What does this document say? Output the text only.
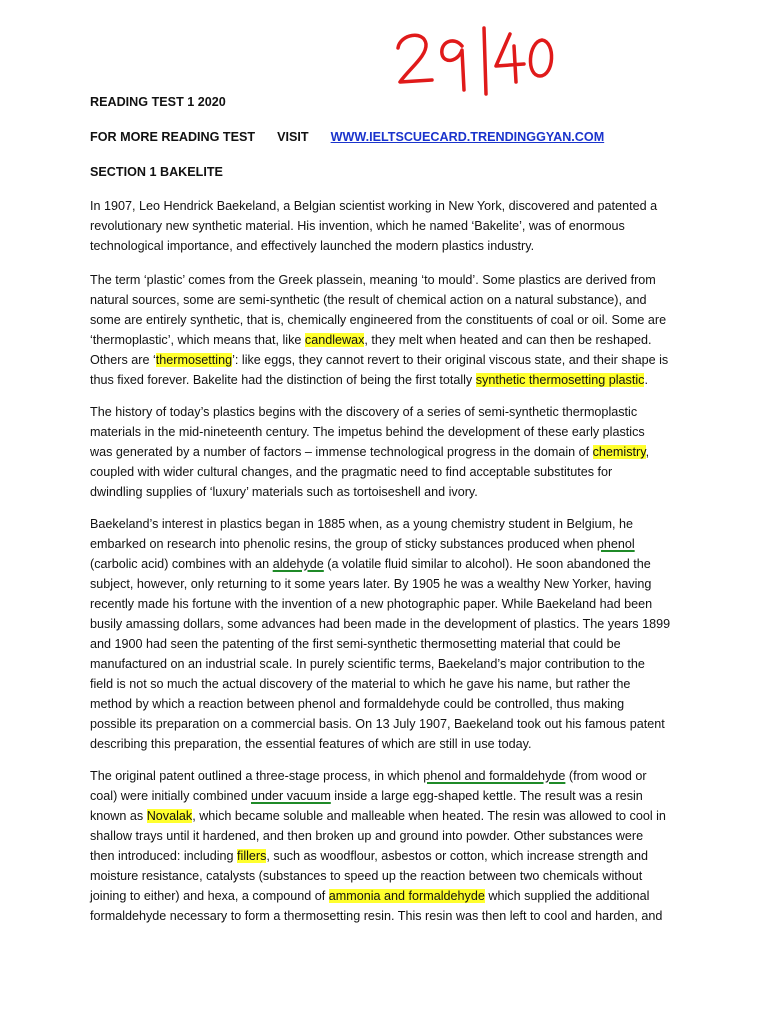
READING TEST 1 2020
FOR MORE READING TEST VISIT WWW.IELTSCUECARD.TRENDINGGYAN.COM
SECTION 1 BAKELITE
In 1907, Leo Hendrick Baekeland, a Belgian scientist working in New York, discovered and patented a
revolutionary new synthetic material. His invention, which he named ‘Bakelite’, was of enormous
technological importance, and effectively launched the modern plastics industry.
The term ‘plastic’ comes from the Greek plassein, meaning ‘to mould’. Some plastics are derived from
natural sources, some are semi-synthetic (the result of chemical action on a natural substance), and
some are entirely synthetic, that is, chemically engineered from the constituents of coal or oil. Some are
‘thermoplastic’, which means that, like candlewax, they melt when heated and can then be reshaped.
Others are ‘thermosetting’: like eggs, they cannot revert to their original viscous state, and their shape is
thus fixed forever. Bakelite had the distinction of being the first totally synthetic thermosetting plastic.
The history of today’s plastics begins with the discovery of a series of semi-synthetic thermoplastic
materials in the mid-nineteenth century. The impetus behind the development of these early plastics
was generated by a number of factors – immense technological progress in the domain of chemistry,
coupled with wider cultural changes, and the pragmatic need to find acceptable substitutes for
dwindling supplies of ‘luxury’ materials such as tortoiseshell and ivory.
Baekeland’s interest in plastics began in 1885 when, as a young chemistry student in Belgium, he
embarked on research into phenolic resins, the group of sticky substances produced when phenol
(carbolic acid) combines with an aldehyde (a volatile fluid similar to alcohol). He soon abandoned the
subject, however, only returning to it some years later. By 1905 he was a wealthy New Yorker, having
recently made his fortune with the invention of a new photographic paper. While Baekeland had been
busily amassing dollars, some advances had been made in the development of plastics. The years 1899
and 1900 had seen the patenting of the first semi-synthetic thermosetting material that could be
manufactured on an industrial scale. In purely scientific terms, Baekeland’s major contribution to the
field is not so much the actual discovery of the material to which he gave his name, but rather the
method by which a reaction between phenol and formaldehyde could be controlled, thus making
possible its preparation on a commercial basis. On 13 July 1907, Baekeland took out his famous patent
describing this preparation, the essential features of which are still in use today.
The original patent outlined a three-stage process, in which phenol and formaldehyde (from wood or
coal) were initially combined under vacuum inside a large egg-shaped kettle. The result was a resin
known as Novalak, which became soluble and malleable when heated. The resin was allowed to cool in
shallow trays until it hardened, and then broken up and ground into powder. Other substances were
then introduced: including fillers, such as woodflour, asbestos or cotton, which increase strength and
moisture resistance, catalysts (substances to speed up the reaction between two chemicals without
joining to either) and hexa, a compound of ammonia and formaldehyde which supplied the additional
formaldehyde necessary to form a thermosetting resin. This resin was then left to cool and harden, and
